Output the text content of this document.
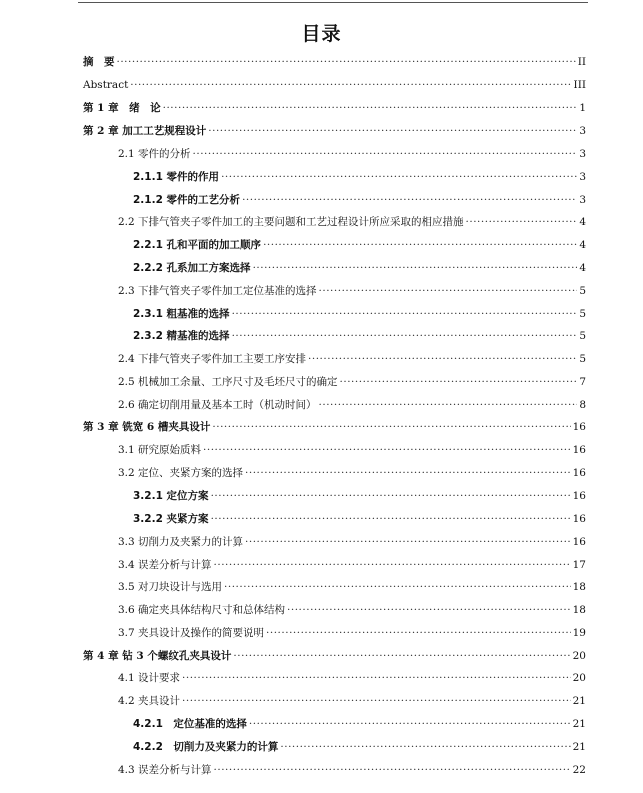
目录
摘　要 ·····	II
Abstract ·····	III
第 1 章　绪　论 ·····	1
第 2 章 加工工艺规程设计 ·····	3
2.1 零件的分析 ·····	3
2.1.1 零件的作用 ·····	3
2.1.2 零件的工艺分析 ·····	3
2.2 下排气管夹子零件加工的主要问题和工艺过程设计所应采取的相应措施 ·····	4
2.2.1 孔和平面的加工顺序 ·····	4
2.2.2 孔系加工方案选择 ·····	4
2.3 下排气管夹子零件加工定位基准的选择 ·····	5
2.3.1 粗基准的选择 ·····	5
2.3.2 精基准的选择 ·····	5
2.4 下排气管夹子零件加工主要工序安排 ·····	5
2.5 机械加工余量、工序尺寸及毛坯尺寸的确定 ·····	7
2.6 确定切削用量及基本工时（机动时间） ·····	8
第 3 章 铣宽 6 槽夹具设计 ·····	16
3.1 研究原始质料 ·····	16
3.2 定位、夹紧方案的选择 ·····	16
3.2.1 定位方案 ·····	16
3.2.2 夹紧方案 ·····	16
3.3 切削力及夹紧力的计算 ·····	16
3.4 误差分析与计算 ·····	17
3.5 对刀块设计与选用 ·····	18
3.6 确定夹具体结构尺寸和总体结构 ·····	18
3.7 夹具设计及操作的简要说明 ·····	19
第 4 章 钻 3 个螺纹孔夹具设计 ·····	20
4.1 设计要求 ·····	20
4.2 夹具设计 ·····	21
4.2.1　定位基准的选择 ·····	21
4.2.2　切削力及夹紧力的计算 ·····	21
4.3 误差分析与计算 ·····	22
